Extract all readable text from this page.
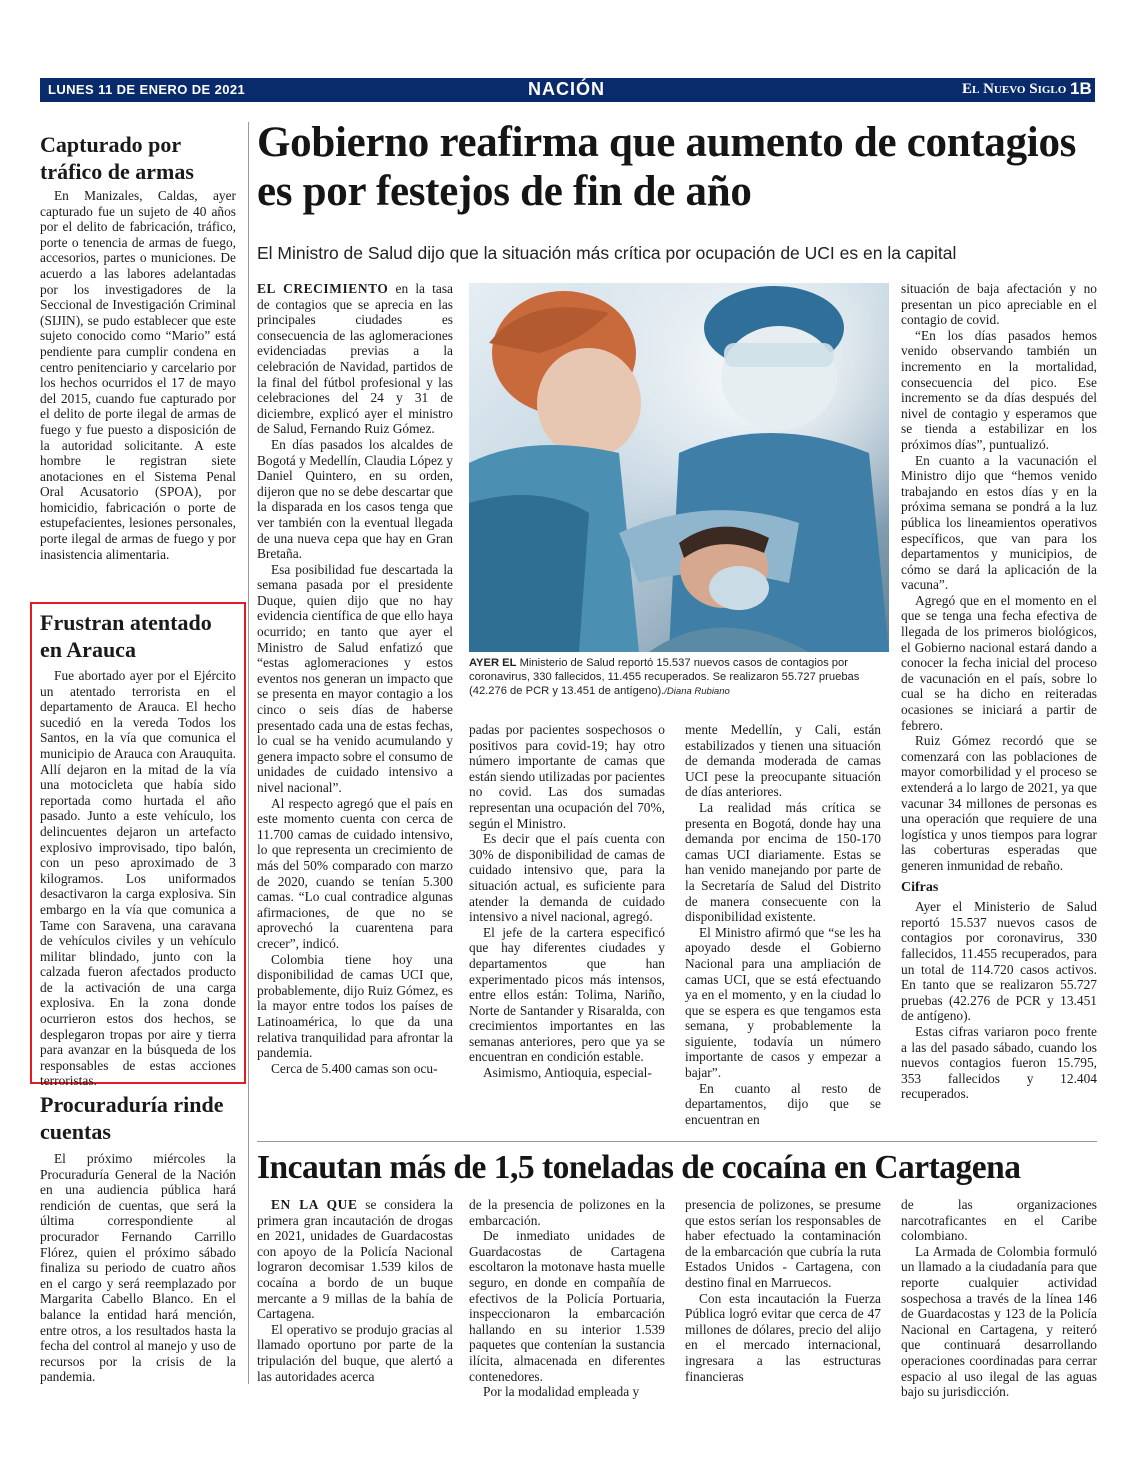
LUNES 11 DE ENERO DE 2021	NACIÓN	El Nuevo Siglo 1B
Capturado por tráfico de armas

En Manizales, Caldas, ayer capturado fue un sujeto de 40 años por el delito de fabricación, tráfico, porte o tenencia de armas de fuego, accesorios, partes o municiones. De acuerdo a las labores adelantadas por los investigadores de la Seccional de Investigación Criminal (SIJIN), se pudo establecer que este sujeto conocido como “Mario” está pendiente para cumplir condena en centro penitenciario y carcelario por los hechos ocurridos el 17 de mayo del 2015, cuando fue capturado por el delito de porte ilegal de armas de fuego y fue puesto a disposición de la autoridad solicitante. A este hombre le registran siete anotaciones en el Sistema Penal Oral Acusatorio (SPOA), por homicidio, fabricación o porte de estupefacientes, lesiones personales, porte ilegal de armas de fuego y por inasistencia alimentaria.

Frustran atentado en Arauca

Fue abortado ayer por el Ejército un atentado terrorista en el departamento de Arauca. El hecho sucedió en la vereda Todos los Santos, en la vía que comunica el municipio de Arauca con Arauquita. Allí dejaron en la mitad de la vía una motocicleta que había sido reportada como hurtada el año pasado. Junto a este vehículo, los delincuentes dejaron un artefacto explosivo improvisado, tipo balón, con un peso aproximado de 3 kilogramos. Los uniformados desactivaron la carga explosiva. Sin embargo en la vía que comunica a Tame con Saravena, una caravana de vehículos civiles y un vehículo militar blindado, junto con la calzada fueron afectados producto de la activación de una carga explosiva. En la zona donde ocurrieron estos dos hechos, se desplegaron tropas por aire y tierra para avanzar en la búsqueda de los responsables de estas acciones terroristas.

Procuraduría rinde cuentas

El próximo miércoles la Procuraduría General de la Nación en una audiencia pública hará rendición de cuentas, que será la última correspondiente al procurador Fernando Carrillo Flórez, quien el próximo sábado finaliza su periodo de cuatro años en el cargo y será reemplazado por Margarita Cabello Blanco. En el balance la entidad hará mención, entre otros, a los resultados hasta la fecha del control al manejo y uso de recursos por la crisis de la pandemia.

Gobierno reafirma que aumento de contagios es por festejos de fin de año
El Ministro de Salud dijo que la situación más crítica por ocupación de UCI es en la capital
AYER EL Ministerio de Salud reportó 15.537 nuevos casos de contagios por coronavirus, 330 fallecidos, 11.455 recuperados. Se realizaron 55.727 pruebas (42.276 de PCR y 13.451 de antígeno)./Diana Rubiano

EL CRECIMIENTO en la tasa de contagios que se aprecia en las principales ciudades es consecuencia de las aglomeraciones evidenciadas previas a la celebración de Navidad, partidos de la final del fútbol profesional y las celebraciones del 24 y 31 de diciembre, explicó ayer el ministro de Salud, Fernando Ruiz Gómez.

En días pasados los alcaldes de Bogotá y Medellín, Claudia López y Daniel Quintero, en su orden, dijeron que no se debe descartar que la disparada en los casos tenga que ver también con la eventual llegada de una nueva cepa que hay en Gran Bretaña.

Esa posibilidad fue descartada la semana pasada por el presidente Duque, quien dijo que no hay evidencia científica de que ello haya ocurrido; en tanto que ayer el Ministro de Salud enfatizó que “estas aglomeraciones y estos eventos nos generan un impacto que se presenta en mayor contagio a los cinco o seis días de haberse presentado cada una de estas fechas, lo cual se ha venido acumulando y genera impacto sobre el consumo de unidades de cuidado intensivo a nivel nacional”.

Al respecto agregó que el país en este momento cuenta con cerca de 11.700 camas de cuidado intensivo, lo que representa un crecimiento de más del 50% comparado con marzo de 2020, cuando se tenían 5.300 camas. “Lo cual contradice algunas afirmaciones, de que no se aprovechó la cuarentena para crecer”, indicó.

Colombia tiene hoy una disponibilidad de camas UCI que, probablemente, dijo Ruiz Gómez, es la mayor entre todos los países de Latinoamérica, lo que da una relativa tranquilidad para afrontar la pandemia.

Cerca de 5.400 camas son ocu-

padas por pacientes sospechosos o positivos para covid-19; hay otro número importante de camas que están siendo utilizadas por pacientes no covid. Las dos sumadas representan una ocupación del 70%, según el Ministro.

Es decir que el país cuenta con 30% de disponibilidad de camas de cuidado intensivo que, para la situación actual, es suficiente para atender la demanda de cuidado intensivo a nivel nacional, agregó.

El jefe de la cartera especificó que hay diferentes ciudades y departamentos que han experimentado picos más intensos, entre ellos están: Tolima, Nariño, Norte de Santander y Risaralda, con crecimientos importantes en las semanas anteriores, pero que ya se encuentran en condición estable.

Asimismo, Antioquia, especial-

mente Medellín, y Cali, están estabilizados y tienen una situación de demanda moderada de camas UCI pese la preocupante situación de días anteriores.

La realidad más crítica se presenta en Bogotá, donde hay una demanda por encima de 150-170 camas UCI diariamente. Estas se han venido manejando por parte de la Secretaría de Salud del Distrito de manera consecuente con la disponibilidad existente.

El Ministro afirmó que “se les ha apoyado desde el Gobierno Nacional para una ampliación de camas UCI, que se está efectuando ya en el momento, y en la ciudad lo que se espera es que tengamos esta semana, y probablemente la siguiente, todavía un número importante de casos y empezar a bajar”.

En cuanto al resto de departamentos, dijo que se encuentran en

situación de baja afectación y no presentan un pico apreciable en el contagio de covid.

“En los días pasados hemos venido observando también un incremento en la mortalidad, consecuencia del pico. Ese incremento se da días después del nivel de contagio y esperamos que se tienda a estabilizar en los próximos días”, puntualizó.

En cuanto a la vacunación el Ministro dijo que “hemos venido trabajando en estos días y en la próxima semana se pondrá a la luz pública los lineamientos operativos específicos, que van para los departamentos y municipios, de cómo se dará la aplicación de la vacuna”.

Agregó que en el momento en el que se tenga una fecha efectiva de llegada de los primeros biológicos, el Gobierno nacional estará dando a conocer la fecha inicial del proceso de vacunación en el país, sobre lo cual se ha dicho en reiteradas ocasiones se iniciará a partir de febrero.

Ruiz Gómez recordó que se comenzará con las poblaciones de mayor comorbilidad y el proceso se extenderá a lo largo de 2021, ya que vacunar 34 millones de personas es una operación que requiere de una logística y unos tiempos para lograr las coberturas esperadas que generen inmunidad de rebaño.

Cifras

Ayer el Ministerio de Salud reportó 15.537 nuevos casos de contagios por coronavirus, 330 fallecidos, 11.455 recuperados, para un total de 114.720 casos activos. En tanto que se realizaron 55.727 pruebas (42.276 de PCR y 13.451 de antígeno).

Estas cifras variaron poco frente a las del pasado sábado, cuando los nuevos contagios fueron 15.795, 353 fallecidos y 12.404 recuperados.

Incautan más de 1,5 toneladas de cocaína en Cartagena

EN LA QUE se considera la primera gran incautación de drogas en 2021, unidades de Guardacostas con apoyo de la Policía Nacional lograron decomisar 1.539 kilos de cocaína a bordo de un buque mercante a 9 millas de la bahía de Cartagena.

El operativo se produjo gracias al llamado oportuno por parte de la tripulación del buque, que alertó a las autoridades acerca

de la presencia de polizones en la embarcación.

De inmediato unidades de Guardacostas de Cartagena escoltaron la motonave hasta muelle seguro, en donde en compañía de efectivos de la Policía Portuaria, inspeccionaron la embarcación hallando en su interior 1.539 paquetes que contenían la sustancia ilícita, almacenada en diferentes contenedores.

Por la modalidad empleada y

presencia de polizones, se presume que estos serían los responsables de haber efectuado la contaminación de la embarcación que cubría la ruta Estados Unidos - Cartagena, con destino final en Marruecos.

Con esta incautación la Fuerza Pública logró evitar que cerca de 47 millones de dólares, precio del alijo en el mercado internacional, ingresara a las estructuras financieras

de las organizaciones narcotraficantes en el Caribe colombiano.

La Armada de Colombia formuló un llamado a la ciudadanía para que reporte cualquier actividad sospechosa a través de la línea 146 de Guardacostas y 123 de la Policía Nacional en Cartagena, y reiteró que continuará desarrollando operaciones coordinadas para cerrar espacio al uso ilegal de las aguas bajo su jurisdicción.
